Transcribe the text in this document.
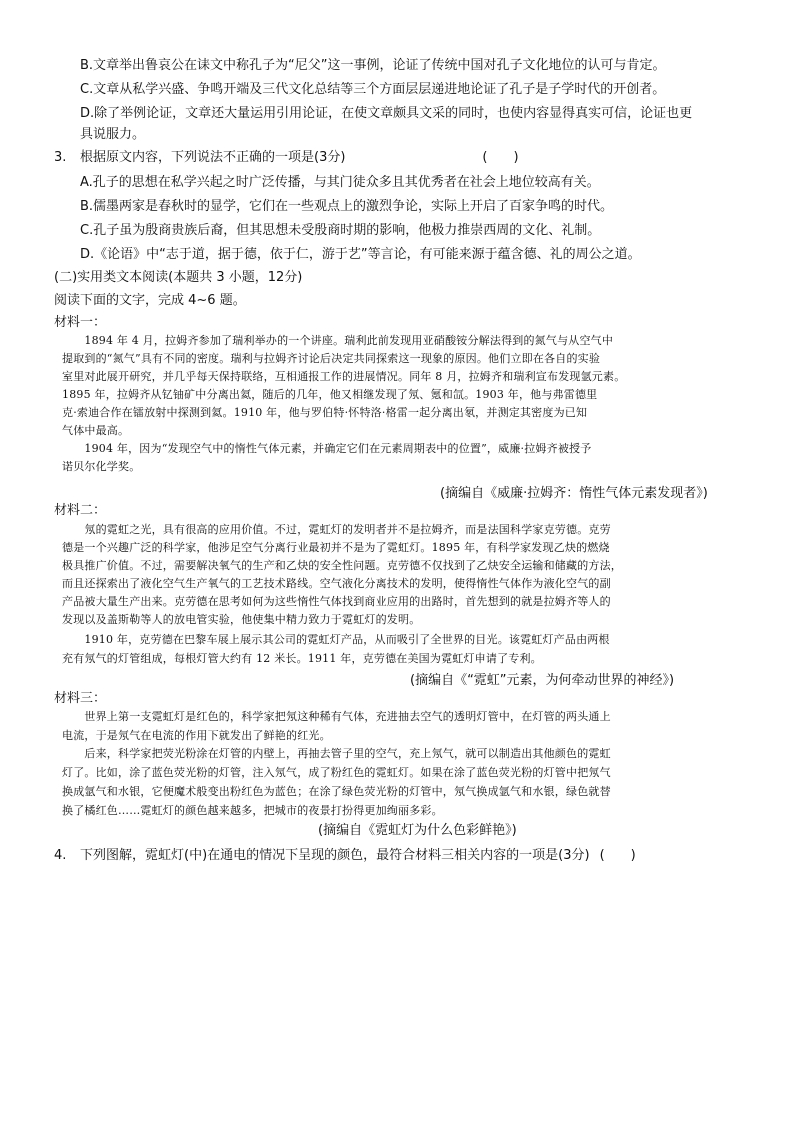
B.文章举出鲁哀公在诔文中称孔子为“尼父”这一事例，论证了传统中国对孔子文化地位的认可与肯定。
C.文章从私学兴盛、争鸣开端及三代文化总结等三个方面层层递进地论证了孔子是子学时代的开创者。
D.除了举例论证，文章还大量运用引用论证，在使文章颇具文采的同时，也使内容显得真实可信，论证也更
具说服力。
3. 根据原文内容，下列说法不正确的一项是(3分)	(　　)
A.孔子的思想在私学兴起之时广泛传播，与其门徒众多且其优秀者在社会上地位较高有关。
B.儒墨两家是春秋时的显学，它们在一些观点上的激烈争论，实际上开启了百家争鸣的时代。
C.孔子虽为殷商贵族后裔，但其思想未受殷商时期的影响，他极力推崇西周的文化、礼制。
D.《论语》中“志于道，据于德，依于仁，游于艺”等言论，有可能来源于蕴含德、礼的周公之道。
(二)实用类文本阅读(本题共 3 小题，12分)
阅读下面的文字，完成 4~6 题。
材料一：
　　1894 年 4 月，拉姆齐参加了瑞利举办的一个讲座。瑞利此前发现用亚硝酸铵分解法得到的氮气与从空气中
提取到的“氮气”具有不同的密度。瑞利与拉姆齐讨论后决定共同探索这一现象的原因。他们立即在各自的实验
室里对此展开研究，并几乎每天保持联络，互相通报工作的进展情况。同年 8 月，拉姆齐和瑞利宣布发现氩元素。
1895 年，拉姆齐从钇铀矿中分离出氦，随后的几年，他又相继发现了氖、氪和氙。1903 年，他与弗雷德里
克·索迪合作在镭放射中探测到氦。1910 年，他与罗伯特·怀特洛·格雷一起分离出氡，并测定其密度为已知
气体中最高。
　　1904 年，因为“发现空气中的惰性气体元素，并确定它们在元素周期表中的位置”，威廉·拉姆齐被授予
诺贝尔化学奖。
(摘编自《威廉·拉姆齐：惰性气体元素发现者》)
材料二：
　　氖的霓虹之光，具有很高的应用价值。不过，霓虹灯的发明者并不是拉姆齐，而是法国科学家克劳德。克劳
德是一个兴趣广泛的科学家，他涉足空气分离行业最初并不是为了霓虹灯。1895 年，有科学家发现乙炔的燃烧
极具推广价值。不过，需要解决氧气的生产和乙炔的安全性问题。克劳德不仅找到了乙炔安全运输和储藏的方法，
而且还探索出了液化空气生产氧气的工艺技术路线。空气液化分离技术的发明，使得惰性气体作为液化空气的副
产品被大量生产出来。克劳德在思考如何为这些惰性气体找到商业应用的出路时，首先想到的就是拉姆齐等人的
发现以及盖斯勒等人的放电管实验，他使集中精力致力于霓虹灯的发明。
　　1910 年，克劳德在巴黎车展上展示其公司的霓虹灯产品，从而吸引了全世界的目光。该霓虹灯产品由两根
充有氖气的灯管组成，每根灯管大约有 12 米长。1911 年，克劳德在美国为霓虹灯申请了专利。
(摘编自《“霓虹”元素，为何牵动世界的神经》)
材料三：
　　世界上第一支霓虹灯是红色的，科学家把氖这种稀有气体，充进抽去空气的透明灯管中，在灯管的两头通上
电流，于是氖气在电流的作用下就发出了鲜艳的红光。
　　后来，科学家把荧光粉涂在灯管的内壁上，再抽去管子里的空气，充上氖气，就可以制造出其他颜色的霓虹
灯了。比如，涂了蓝色荧光粉的灯管，注入氖气，成了粉红色的霓虹灯。如果在涂了蓝色荧光粉的灯管中把氖气
换成氩气和水银，它便魔术般变出粉红色为蓝色；在涂了绿色荧光粉的灯管中，氖气换成氩气和水银，绿色就替
换了橘红色……霓虹灯的颜色越来越多，把城市的夜景打扮得更加绚丽多彩。
(摘编自《霓虹灯为什么色彩鲜艳》)
4. 下列图解，霓虹灯(中)在通电的情况下呈现的颜色，最符合材料三相关内容的一项是(3分) (　　)
